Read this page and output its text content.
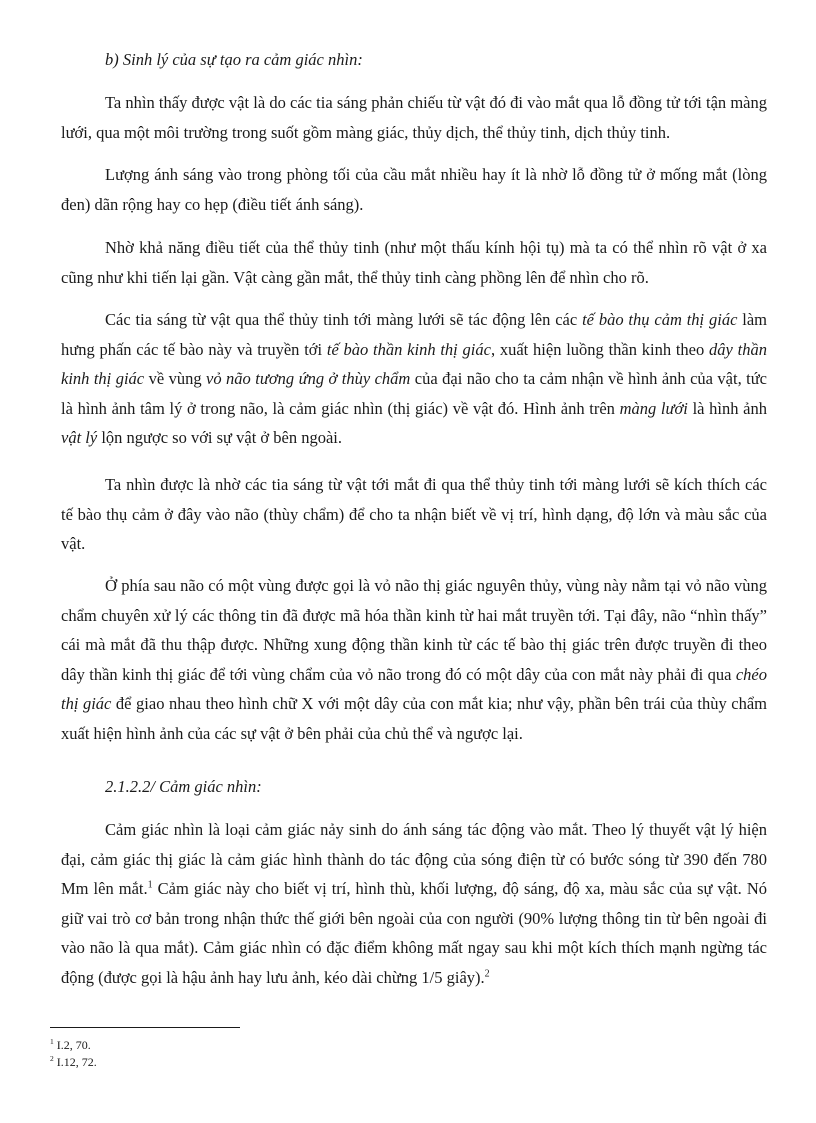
b) Sinh lý của sự tạo ra cảm giác nhìn:

Ta nhìn thấy được vật là do các tia sáng phản chiếu từ vật đó đi vào mắt qua lỗ đồng tử tới tận màng lưới, qua một môi trường trong suốt gồm màng giác, thủy dịch, thể thủy tinh, dịch thủy tinh.

Lượng ánh sáng vào trong phòng tối của cầu mắt nhiều hay ít là nhờ lỗ đồng tử ở mống mắt (lòng đen) dãn rộng hay co hẹp (điều tiết ánh sáng).

Nhờ khả năng điều tiết của thể thủy tinh (như một thấu kính hội tụ) mà ta có thể nhìn rõ vật ở xa cũng như khi tiến lại gần. Vật càng gần mắt, thể thủy tinh càng phồng lên để nhìn cho rõ.

Các tia sáng từ vật qua thể thủy tinh tới màng lưới sẽ tác động lên các tế bào thụ cảm thị giác làm hưng phấn các tế bào này và truyền tới tế bào thần kinh thị giác, xuất hiện luồng thần kinh theo dây thần kinh thị giác về vùng vỏ não tương ứng ở thùy chẩm của đại não cho ta cảm nhận về hình ảnh của vật, tức là hình ảnh tâm lý ở trong não, là cảm giác nhìn (thị giác) về vật đó. Hình ảnh trên màng lưới là hình ảnh vật lý lộn ngược so với sự vật ở bên ngoài.

Ta nhìn được là nhờ các tia sáng từ vật tới mắt đi qua thể thủy tinh tới màng lưới sẽ kích thích các tế bào thụ cảm ở đây vào não (thùy chẩm) để cho ta nhận biết về vị trí, hình dạng, độ lớn và màu sắc của vật.

Ở phía sau não có một vùng được gọi là vỏ não thị giác nguyên thủy, vùng này nằm tại vỏ não vùng chẩm chuyên xử lý các thông tin đã được mã hóa thần kinh từ hai mắt truyền tới. Tại đây, não “nhìn thấy” cái mà mắt đã thu thập được. Những xung động thần kinh từ các tế bào thị giác trên được truyền đi theo dây thần kinh thị giác để tới vùng chẩm của vỏ não trong đó có một dây của con mắt này phải đi qua chéo thị giác để giao nhau theo hình chữ X với một dây của con mắt kia; như vậy, phần bên trái của thùy chẩm xuất hiện hình ảnh của các sự vật ở bên phải của chủ thể và ngược lại.

2.1.2.2/ Cảm giác nhìn:

Cảm giác nhìn là loại cảm giác nảy sinh do ánh sáng tác động vào mắt. Theo lý thuyết vật lý hiện đại, cảm giác thị giác là cảm giác hình thành do tác động của sóng điện từ có bước sóng từ 390 đến 780 Mm lên mắt.$^1$ Cảm giác này cho biết vị trí, hình thù, khối lượng, độ sáng, độ xa, màu sắc của sự vật. Nó giữ vai trò cơ bản trong nhận thức thế giới bên ngoài của con người (90% lượng thông tin từ bên ngoài đi vào não là qua mắt). Cảm giác nhìn có đặc điểm không mất ngay sau khi một kích thích mạnh ngừng tác động (được gọi là hậu ảnh hay lưu ảnh, kéo dài chừng 1/5 giây).$^2$

$^1$ I.2, 70.
$^2$ I.12, 72.
